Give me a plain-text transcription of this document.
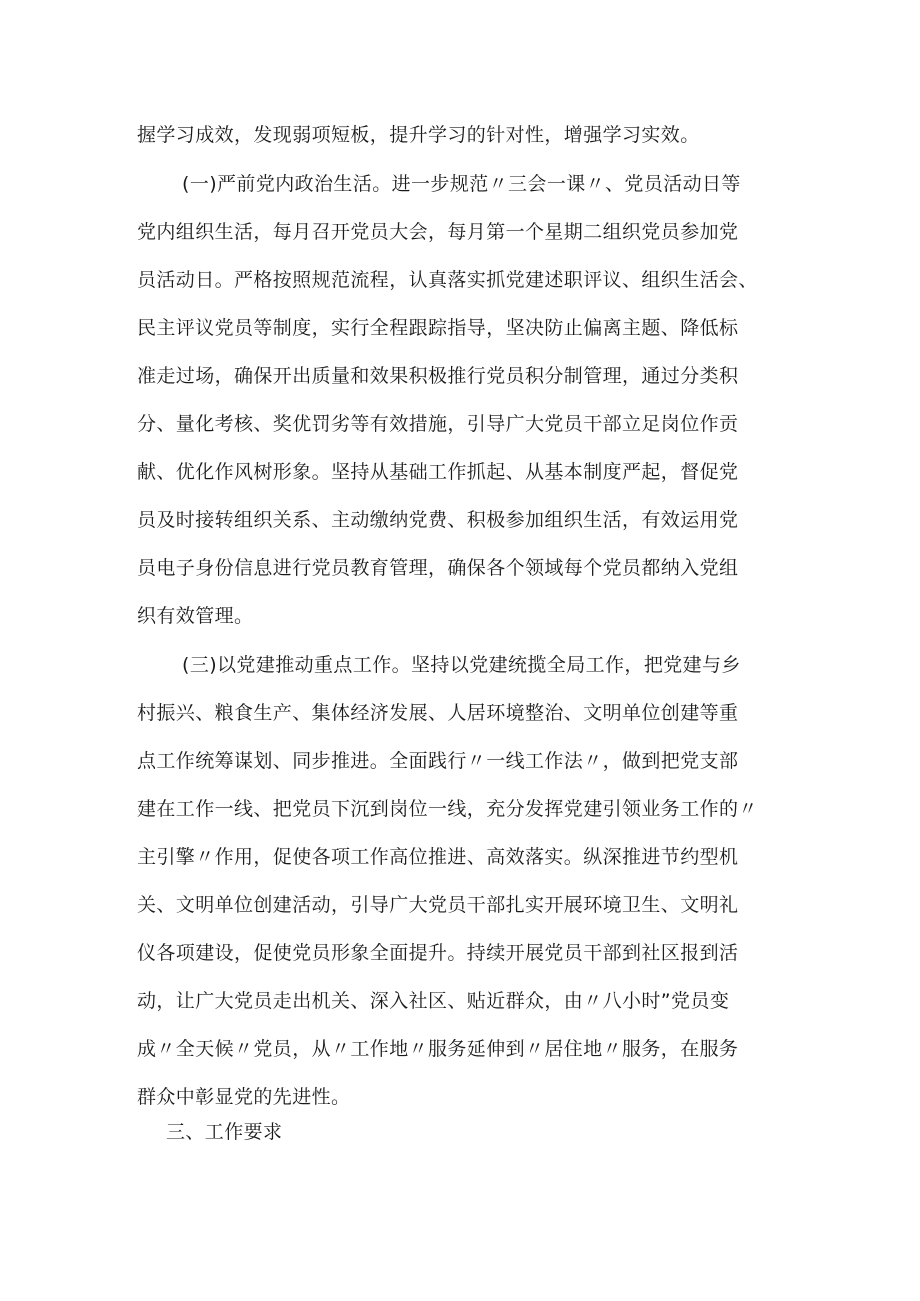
握学习成效，发现弱项短板，提升学习的针对性，增强学习实效。
(一)严前党内政治生活。进一步规范〃三会一课〃、党员活动日等
党内组织生活，每月召开党员大会，每月第一个星期二组织党员参加党
员活动日。严格按照规范流程，认真落实抓党建述职评议、组织生活会、
民主评议党员等制度，实行全程跟踪指导，坚决防止偏离主题、降低标
准走过场，确保开出质量和效果积极推行党员积分制管理，通过分类积
分、量化考核、奖优罚劣等有效措施，引导广大党员干部立足岗位作贡
献、优化作风树形象。坚持从基础工作抓起、从基本制度严起，督促党
员及时接转组织关系、主动缴纳党费、积极参加组织生活，有效运用党
员电子身份信息进行党员教育管理，确保各个领域每个党员都纳入党组
织有效管理。
(三)以党建推动重点工作。坚持以党建统揽全局工作，把党建与乡
村振兴、粮食生产、集体经济发展、人居环境整治、文明单位创建等重
点工作统筹谋划、同步推进。全面践行〃一线工作法〃，做到把党支部
建在工作一线、把党员下沉到岗位一线，充分发挥党建引领业务工作的〃
主引擎〃作用，促使各项工作高位推进、高效落实。纵深推进节约型机
关、文明单位创建活动，引导广大党员干部扎实开展环境卫生、文明礼
仪各项建设，促使党员形象全面提升。持续开展党员干部到社区报到活
动，让广大党员走出机关、深入社区、贴近群众，由〃八小时”党员变
成〃全天候〃党员，从〃工作地〃服务延伸到〃居住地〃服务，在服务
群众中彰显党的先进性。
三、工作要求
